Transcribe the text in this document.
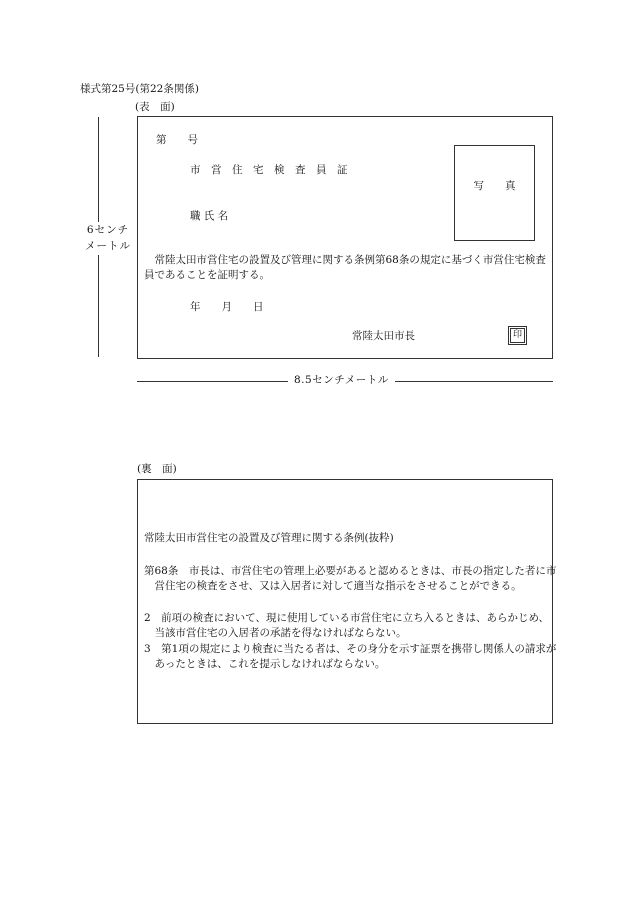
様式第25号(第22条関係)
(表　面)
6センチ
メートル
第　　号
市　営　住　宅　検　査　員　証
職 氏 名
写　　真
常陸太田市営住宅の設置及び管理に関する条例第68条の規定に基づく市営住宅検査員であることを証明する。
年　　月　　日
常陸太田市長	印
8.5センチメートル
(裏　面)
常陸太田市営住宅の設置及び管理に関する条例(抜粋)
第68条　市長は、市営住宅の管理上必要があると認めるときは、市長の指定した者に市営住宅の検査をさせ、又は入居者に対して適当な指示をさせることができる。
2　前項の検査において、現に使用している市営住宅に立ち入るときは、あらかじめ、当該市営住宅の入居者の承諾を得なければならない。
3　第1項の規定により検査に当たる者は、その身分を示す証票を携帯し関係人の請求があったときは、これを提示しなければならない。
